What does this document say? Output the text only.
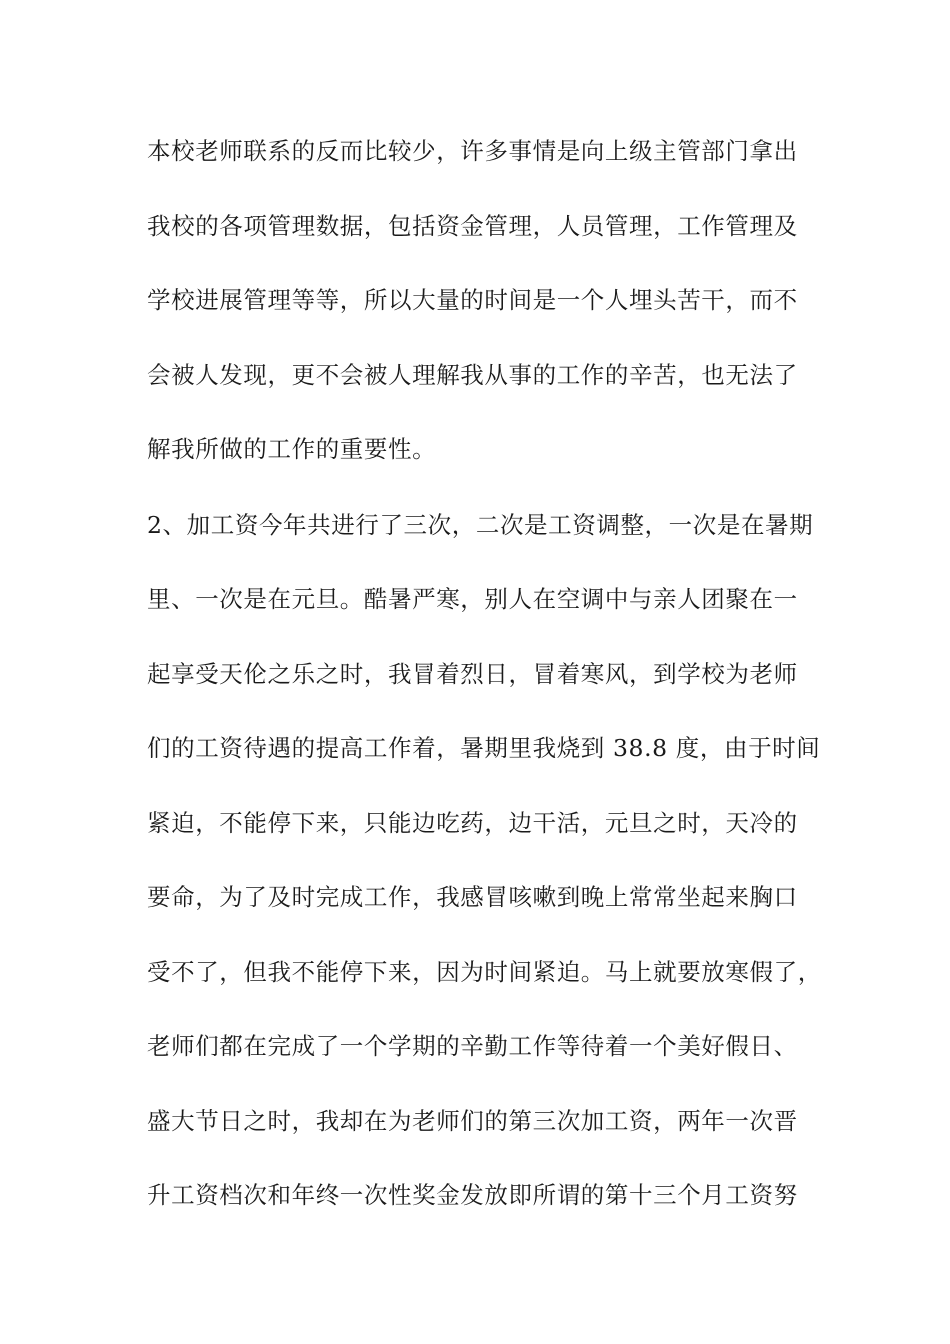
本校老师联系的反而比较少，许多事情是向上级主管部门拿出
我校的各项管理数据，包括资金管理，人员管理，工作管理及
学校进展管理等等，所以大量的时间是一个人埋头苦干，而不
会被人发现，更不会被人理解我从事的工作的辛苦，也无法了
解我所做的工作的重要性。
2、加工资今年共进行了三次，二次是工资调整，一次是在暑期
里、一次是在元旦。酷暑严寒，别人在空调中与亲人团聚在一
起享受天伦之乐之时，我冒着烈日，冒着寒风，到学校为老师
们的工资待遇的提高工作着，暑期里我烧到 38.8 度，由于时间
紧迫，不能停下来，只能边吃药，边干活，元旦之时，天冷的
要命，为了及时完成工作，我感冒咳嗽到晚上常常坐起来胸口
受不了，但我不能停下来，因为时间紧迫。马上就要放寒假了，
老师们都在完成了一个学期的辛勤工作等待着一个美好假日、
盛大节日之时，我却在为老师们的第三次加工资，两年一次晋
升工资档次和年终一次性奖金发放即所谓的第十三个月工资努
